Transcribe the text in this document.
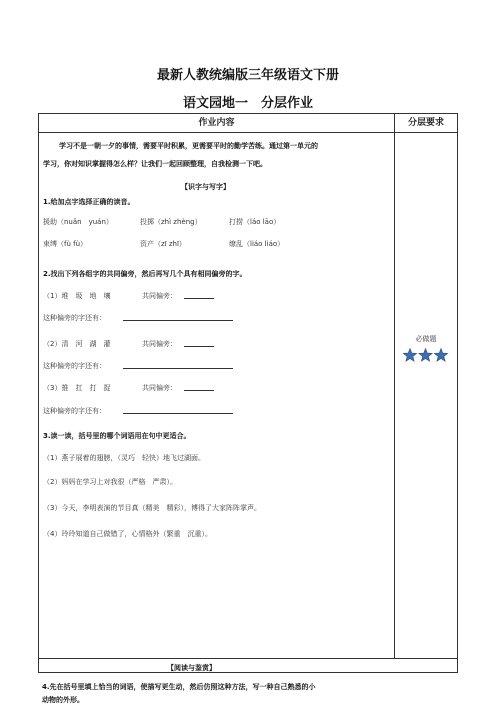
最新人教统编版三年级语文下册
语文园地一　分层作业
作业内容	分层要求
学习不是一朝一夕的事情，需要平时积累，更需要平时的勤学苦练。通过第一单元的
学习，你对知识掌握得怎么样？让我们一起回顾整理，自我检测一下吧。
【识字与写字】
1.给加点字选择正确的读音。
援助（nuǎn　yuán）	投掷（zhì zhèng）	打捞（láo lāo）
束缚（fù fù）	资产（zī zhī）	缭乱（liáo liáo）
2.找出下列各组字的共同偏旁，然后再写几个具有相同偏旁的字。
（1）堆　圾　地　壤	共同偏旁：
这种偏旁的字还有：
（2）清　河　湖　灌	共同偏旁：
这种偏旁的字还有：
（3）推　扛　打　捉	共同偏旁：
这种偏旁的字还有：
3.读一读，括号里的哪个词语用在句中更适合。
（1）燕子展着的翅膀，（灵巧　轻快）地飞过湖面。
（2）妈妈在学习上对我很（严格　严肃）。
（3）今天，李明表演的节目真（精美　精彩），博得了大家阵阵掌声。
（4）玲玲知道自己做错了，心情格外（繁重　沉重）。
必做题
【阅读与鉴赏】
4.先在括号里填上恰当的词语，使描写更生动，然后仿照这种方法，写一种自己熟悉的小
动物的外形。
